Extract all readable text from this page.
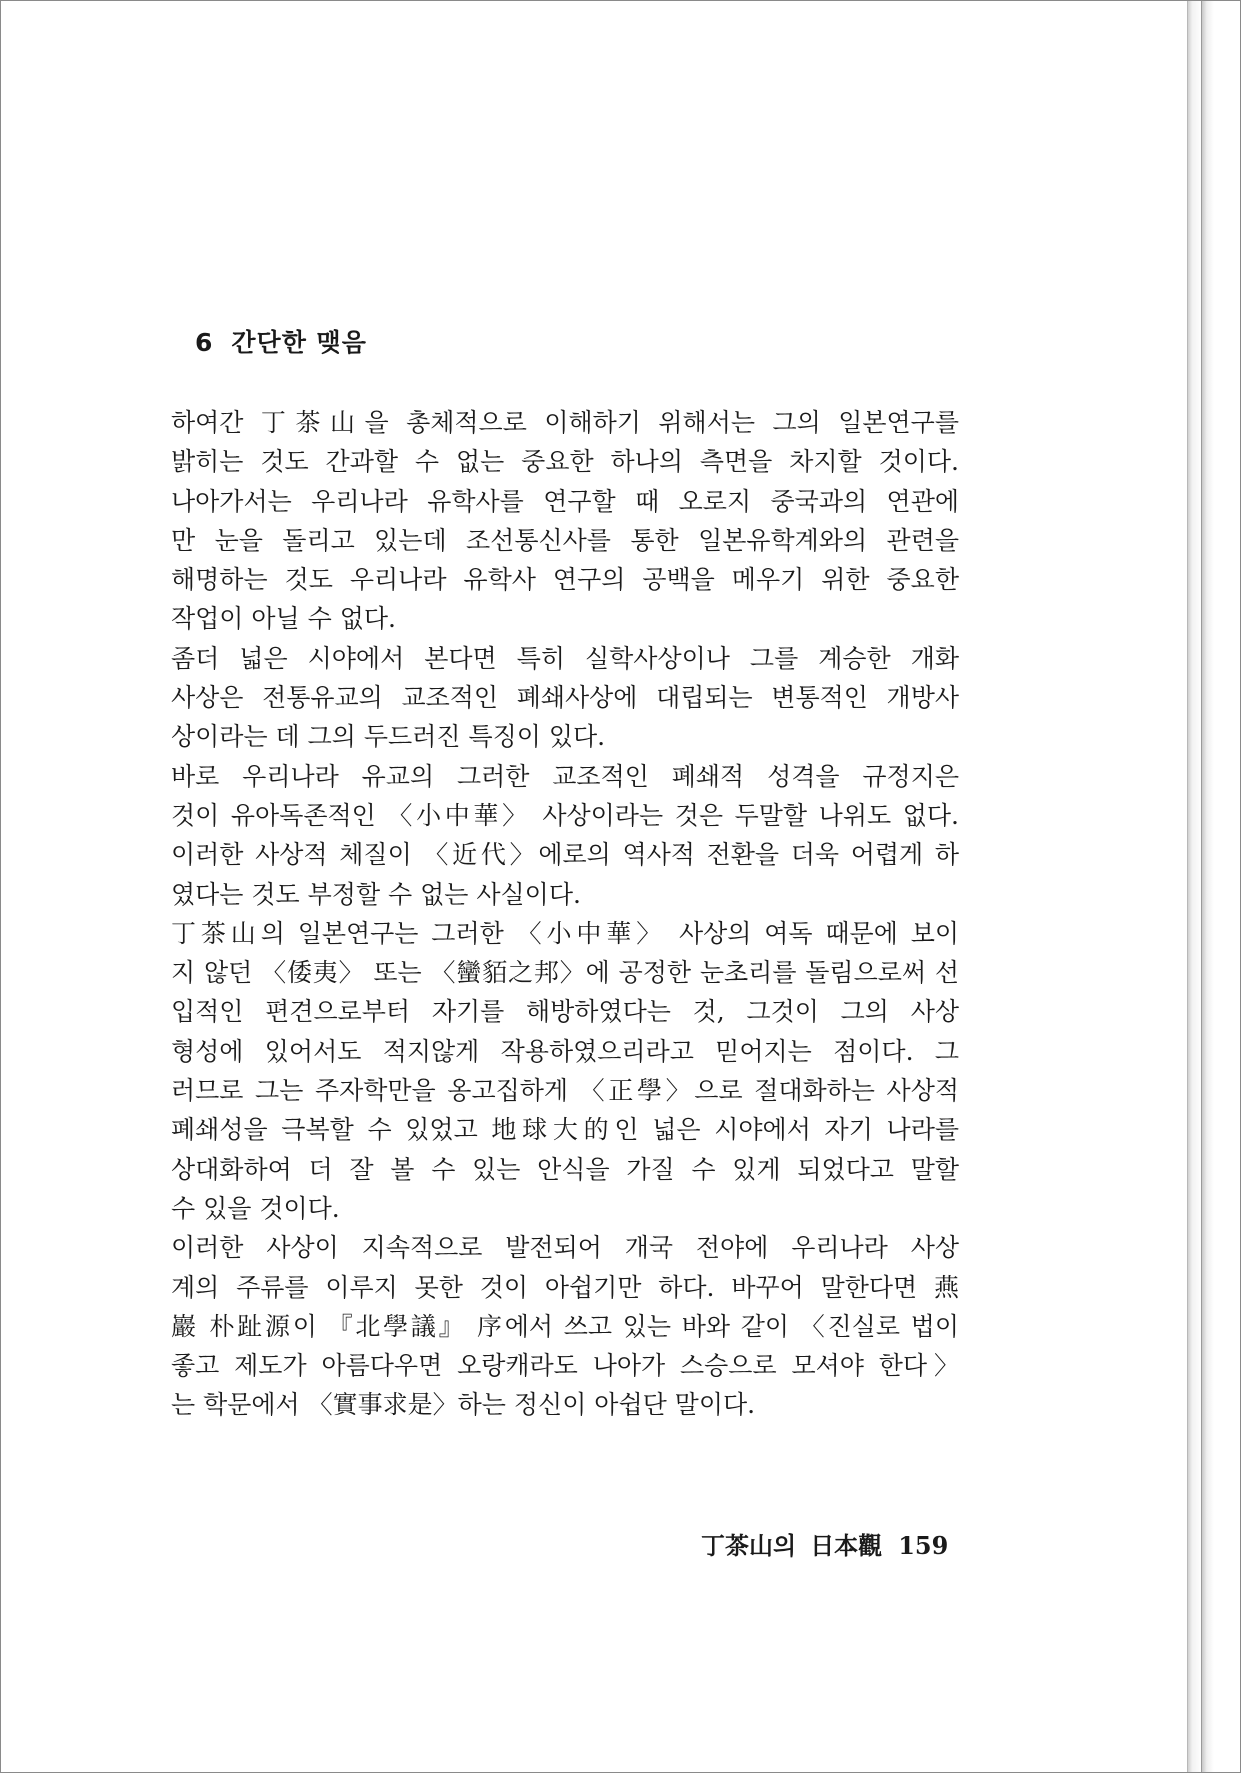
6 간단한 맺음
하여간 丁茶山을 총체적으로 이해하기 위해서는 그의 일본연구를
밝히는 것도 간과할 수 없는 중요한 하나의 측면을 차지할 것이다.
나아가서는 우리나라 유학사를 연구할 때 오로지 중국과의 연관에
만 눈을 돌리고 있는데 조선통신사를 통한 일본유학계와의 관련을
해명하는 것도 우리나라 유학사 연구의 공백을 메우기 위한 중요한
작업이 아닐 수 없다.
좀더 넓은 시야에서 본다면 특히 실학사상이나 그를 계승한 개화
사상은 전통유교의 교조적인 폐쇄사상에 대립되는 변통적인 개방사
상이라는 데 그의 두드러진 특징이 있다.
바로 우리나라 유교의 그러한 교조적인 폐쇄적 성격을 규정지은
것이 유아독존적인 〈小中華〉 사상이라는 것은 두말할 나위도 없다.
이러한 사상적 체질이 〈近代〉에로의 역사적 전환을 더욱 어렵게 하
였다는 것도 부정할 수 없는 사실이다.
丁茶山의 일본연구는 그러한 〈小中華〉 사상의 여독 때문에 보이
지 않던 〈倭夷〉 또는 〈蠻貊之邦〉에 공정한 눈초리를 돌림으로써 선
입적인 편견으로부터 자기를 해방하였다는 것, 그것이 그의 사상
형성에 있어서도 적지않게 작용하였으리라고 믿어지는 점이다. 그
러므로 그는 주자학만을 옹고집하게 〈正學〉으로 절대화하는 사상적
폐쇄성을 극복할 수 있었고 地球大的인 넓은 시야에서 자기 나라를
상대화하여 더 잘 볼 수 있는 안식을 가질 수 있게 되었다고 말할
수 있을 것이다.
이러한 사상이 지속적으로 발전되어 개국 전야에 우리나라 사상
계의 주류를 이루지 못한 것이 아쉽기만 하다. 바꾸어 말한다면 燕
巖 朴趾源이 『北學議』 序에서 쓰고 있는 바와 같이 〈진실로 법이
좋고 제도가 아름다우면 오랑캐라도 나아가 스승으로 모셔야 한다〉
는 학문에서 〈實事求是〉하는 정신이 아쉽단 말이다.
丁茶山의 日本觀 159
